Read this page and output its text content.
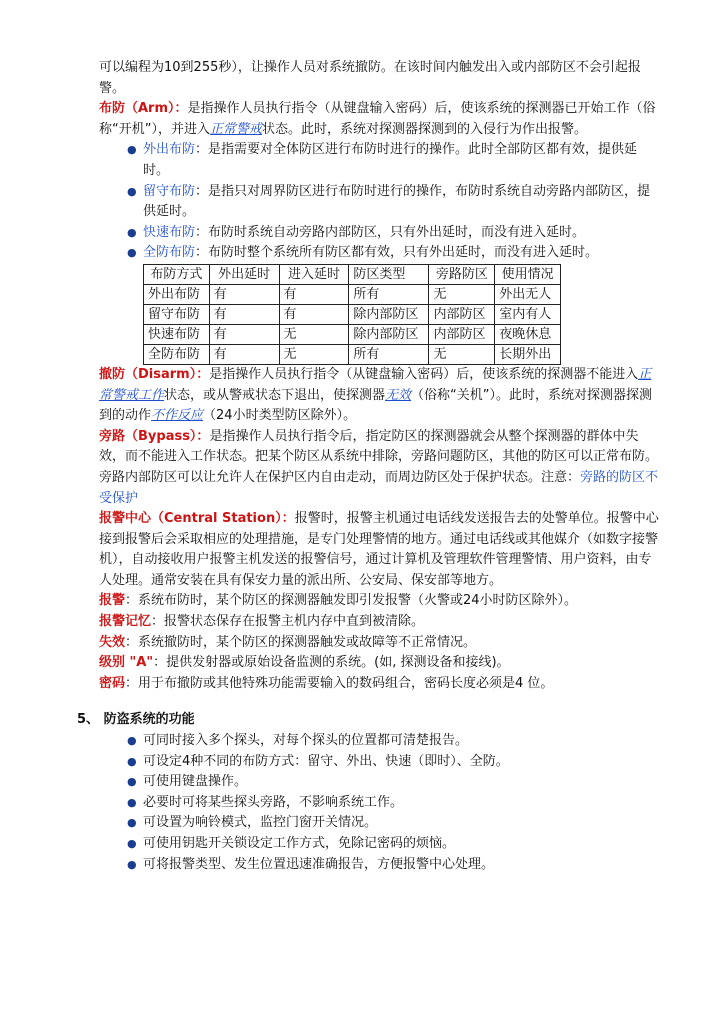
可以编程为10到255秒），让操作人员对系统撤防。在该时间内触发出入或内部防区不会引起报警。

布防（Arm）：是指操作人员执行指令（从键盘输入密码）后，使该系统的探测器已开始工作（俗称“开机”），并进入正常警戒状态。此时，系统对探测器探测到的入侵行为作出报警。

● 外出布防：是指需要对全体防区进行布防时进行的操作。此时全部防区都有效，提供延时。

● 留守布防：是指只对周界防区进行布防时进行的操作，布防时系统自动旁路内部防区，提供延时。

● 快速布防：布防时系统自动旁路内部防区，只有外出延时，而没有进入延时。

● 全防布防：布防时整个系统所有防区都有效，只有外出延时，而没有进入延时。

布防方式	外出延时	进入延时	防区类型	旁路防区	使用情况
外出布防	有	有	所有	无	外出无人
留守布防	有	有	除内部防区	内部防区	室内有人
快速布防	有	无	除内部防区	内部防区	夜晚休息
全防布防	有	无	所有	无	长期外出

撤防（Disarm）：是指操作人员执行指令（从键盘输入密码）后，使该系统的探测器不能进入正常警戒工作状态，或从警戒状态下退出，使探测器无效（俗称“关机”）。此时，系统对探测器探测到的动作不作反应（24小时类型防区除外）。

旁路（Bypass）：是指操作人员执行指令后，指定防区的探测器就会从整个探测器的群体中失效，而不能进入工作状态。把某个防区从系统中排除，旁路问题防区，其他的防区可以正常布防。旁路内部防区可以让允许人在保护区内自由走动，而周边防区处于保护状态。注意：旁路的防区不受保护

报警中心（Central Station）：报警时，报警主机通过电话线发送报告去的处警单位。报警中心接到报警后会采取相应的处理措施，是专门处理警情的地方。通过电话线或其他媒介（如数字接警机），自动接收用户报警主机发送的报警信号，通过计算机及管理软件管理警情、用户资料，由专人处理。通常安装在具有保安力量的派出所、公安局、保安部等地方。

报警：系统布防时，某个防区的探测器触发即引发报警（火警或24小时防区除外）。

报警记忆：报警状态保存在报警主机内存中直到被清除。

失效：系统撤防时，某个防区的探测器触发或故障等不正常情况。

级别 "A"：提供发射器或原始设备监测的系统。(如, 探测设备和接线)。

密码：用于布撤防或其他特殊功能需要输入的数码组合，密码长度必须是4 位。

5、 防盗系统的功能

● 可同时接入多个探头，对每个探头的位置都可清楚报告。

● 可设定4种不同的布防方式：留守、外出、快速（即时）、全防。

● 可使用键盘操作。

● 必要时可将某些探头旁路，不影响系统工作。

● 可设置为响铃模式，监控门窗开关情况。

● 可使用钥匙开关锁设定工作方式，免除记密码的烦恼。

● 可将报警类型、发生位置迅速准确报告，方便报警中心处理。
